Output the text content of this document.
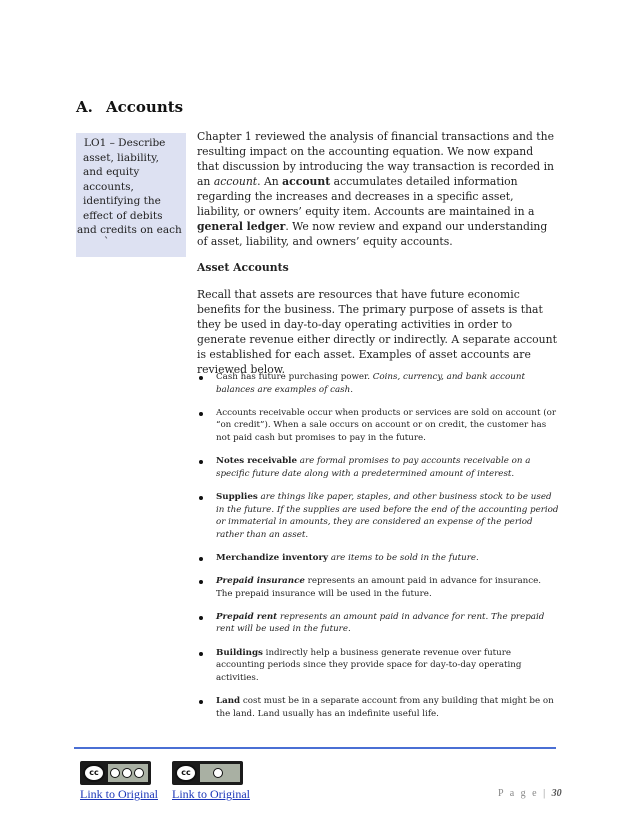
A. Accounts
LO1 – Describe
asset, liability,
and equity
accounts,
identifying the
effect of debits
and credits on each
`

Chapter 1 reviewed the analysis of financial transactions and the resulting impact on the accounting equation. We now expand that discussion by introducing the way transaction is recorded in an account. An account accumulates detailed information regarding the increases and decreases in a specific asset, liability, or owners’ equity item. Accounts are maintained in a general ledger. We now review and expand our understanding of asset, liability, and owners’ equity accounts.

Asset Accounts

Recall that assets are resources that have future economic benefits for the business. The primary purpose of assets is that they be used in day-to-day operating activities in order to generate revenue either directly or indirectly. A separate account is established for each asset. Examples of asset accounts are reviewed below.

Cash has future purchasing power. Coins, currency, and bank account balances are examples of cash.
Accounts receivable occur when products or services are sold on account (or “on credit”). When a sale occurs on account or on credit, the customer has not paid cash but promises to pay in the future.
Notes receivable are formal promises to pay accounts receivable on a specific future date along with a predetermined amount of interest.
Supplies are things like paper, staples, and other business stock to be used in the future. If the supplies are used before the end of the accounting period or immaterial in amounts, they are considered an expense of the period rather than an asset.
Merchandize inventory are items to be sold in the future.
Prepaid insurance represents an amount paid in advance for insurance. The prepaid insurance will be used in the future.
Prepaid rent represents an amount paid in advance for rent. The prepaid rent will be used in the future.
Buildings indirectly help a business generate revenue over future accounting periods since they provide space for day-to-day operating activities.
Land cost must be in a separate account from any building that might be on the land. Land usually has an indefinite useful life.
cc	cc
Link to Original Link to Original	P a g e | 30
